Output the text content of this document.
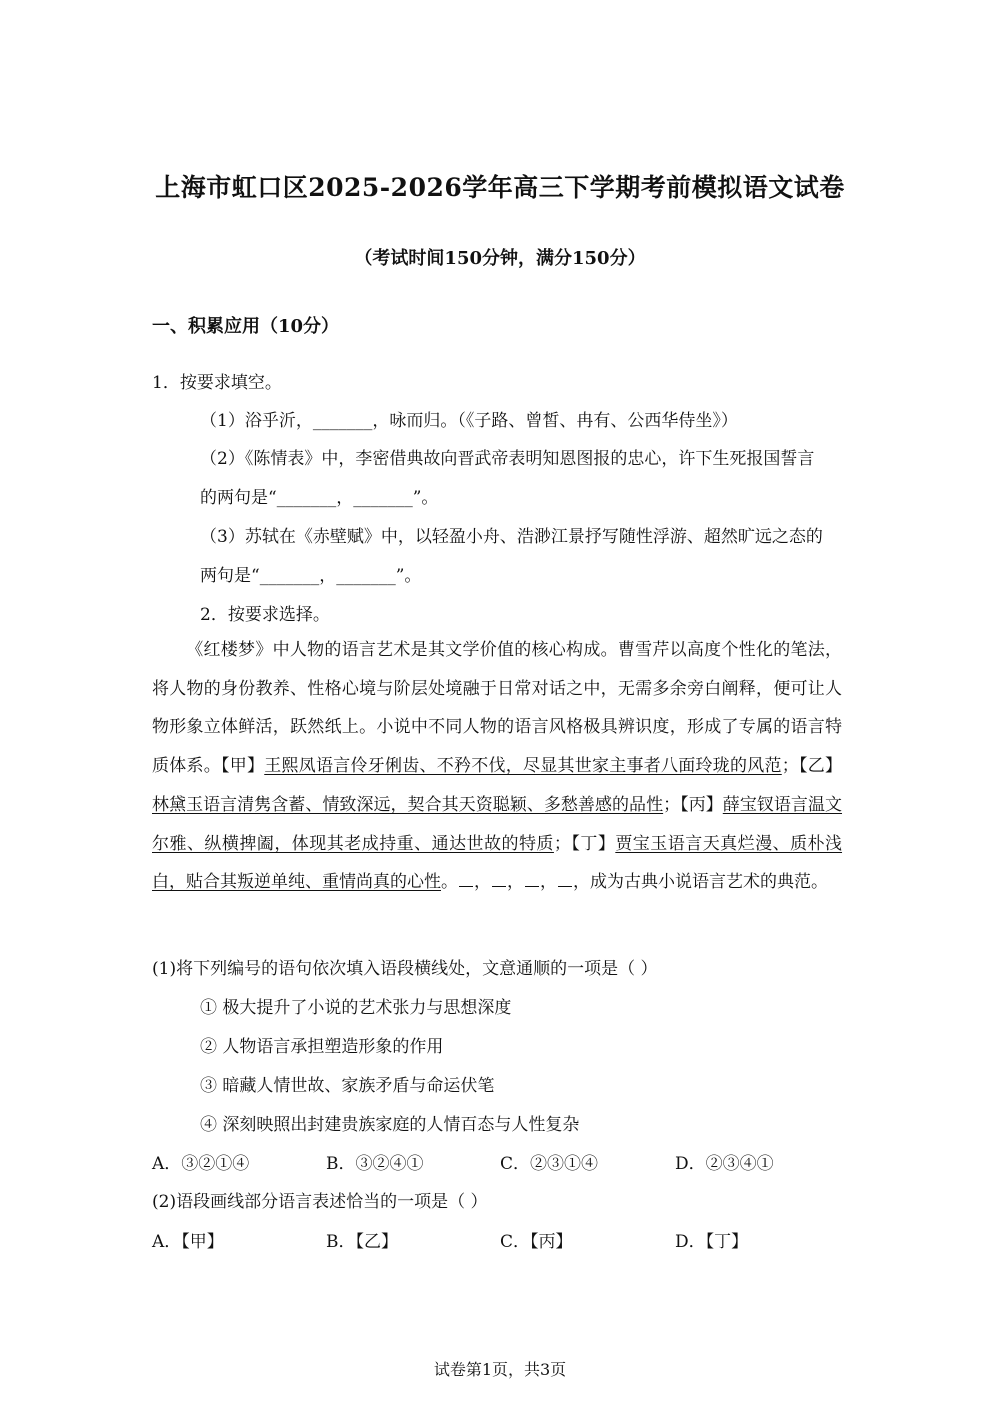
上海市虹口区2025-2026学年高三下学期考前模拟语文试卷
（考试时间150分钟，满分150分）
一、积累应用（10分）
1．按要求填空。
（1）浴乎沂，_______，咏而归。（《子路、曾皙、冉有、公西华侍坐》）
（2）《陈情表》中，李密借典故向晋武帝表明知恩图报的忠心，许下生死报国誓言
的两句是“_______，_______”。
（3）苏轼在《赤壁赋》中，以轻盈小舟、浩渺江景抒写随性浮游、超然旷远之态的
两句是“_______，_______”。
2．按要求选择。
《红楼梦》中人物的语言艺术是其文学价值的核心构成。曹雪芹以高度个性化的笔法，将人物的身份教养、性格心境与阶层处境融于日常对话之中，无需多余旁白阐释，便可让人物形象立体鲜活，跃然纸上。小说中不同人物的语言风格极具辨识度，形成了专属的语言特质体系。【甲】王熙凤语言伶牙俐齿、不矜不伐，尽显其世家主事者八面玲珑的风范；【乙】林黛玉语言清隽含蓄、情致深远，契合其天资聪颖、多愁善感的品性；【丙】薛宝钗语言温文尔雅、纵横捭阖，体现其老成持重、通达世故的特质；【丁】贾宝玉语言天真烂漫、质朴浅白，贴合其叛逆单纯、重情尚真的心性。 ， ， ， ，成为古典小说语言艺术的典范。
(1)将下列编号的语句依次填入语段横线处，文意通顺的一项是（ ）
① 极大提升了小说的艺术张力与思想深度
② 人物语言承担塑造形象的作用
③ 暗藏人情世故、家族矛盾与命运伏笔
④ 深刻映照出封建贵族家庭的人情百态与人性复杂
A．③②①④	B．③②④①	C．②③①④	D．②③④①
(2)语段画线部分语言表述恰当的一项是（ ）
A．【甲】	B．【乙】	C．【丙】	D．【丁】
试卷第1页，共3页
